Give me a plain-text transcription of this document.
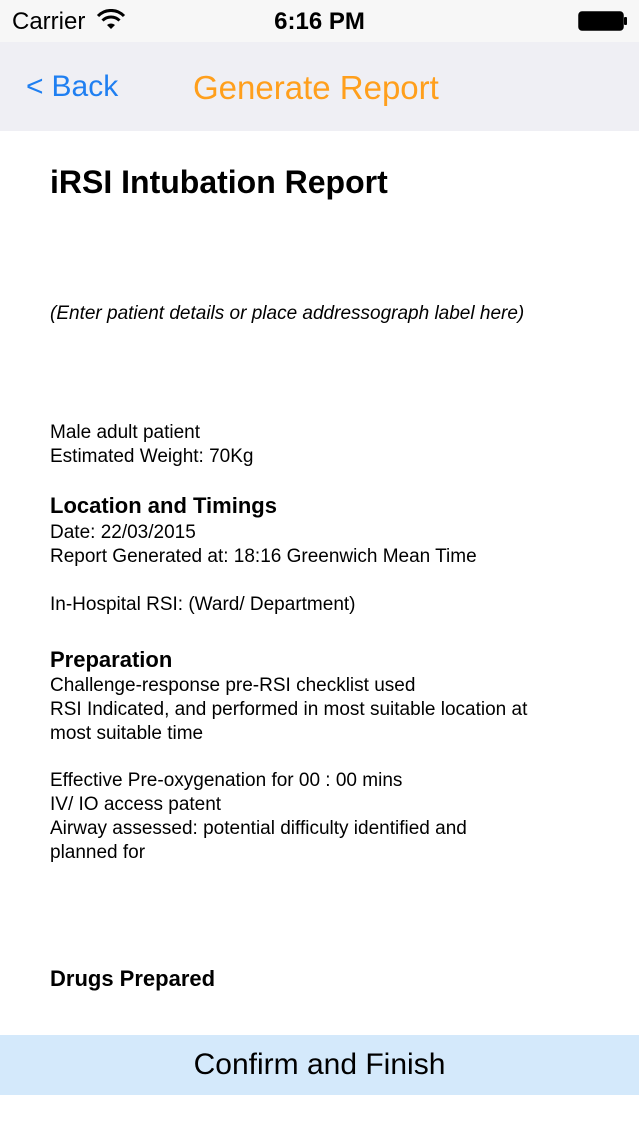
Carrier	6:16 PM
< Back Generate Report
iRSI Intubation Report
(Enter patient details or place addressograph label here)
Male adult patient
Estimated Weight: 70Kg
Location and Timings
Date: 22/03/2015
Report Generated at: 18:16 Greenwich Mean Time
In-Hospital RSI: (Ward/ Department)
Preparation
Challenge-response pre-RSI checklist used
RSI Indicated, and performed in most suitable location at
most suitable time
Effective Pre-oxygenation for 00 : 00 mins
IV/ IO access patent
Airway assessed: potential difficulty identified and
planned for
Drugs Prepared
Confirm and Finish
